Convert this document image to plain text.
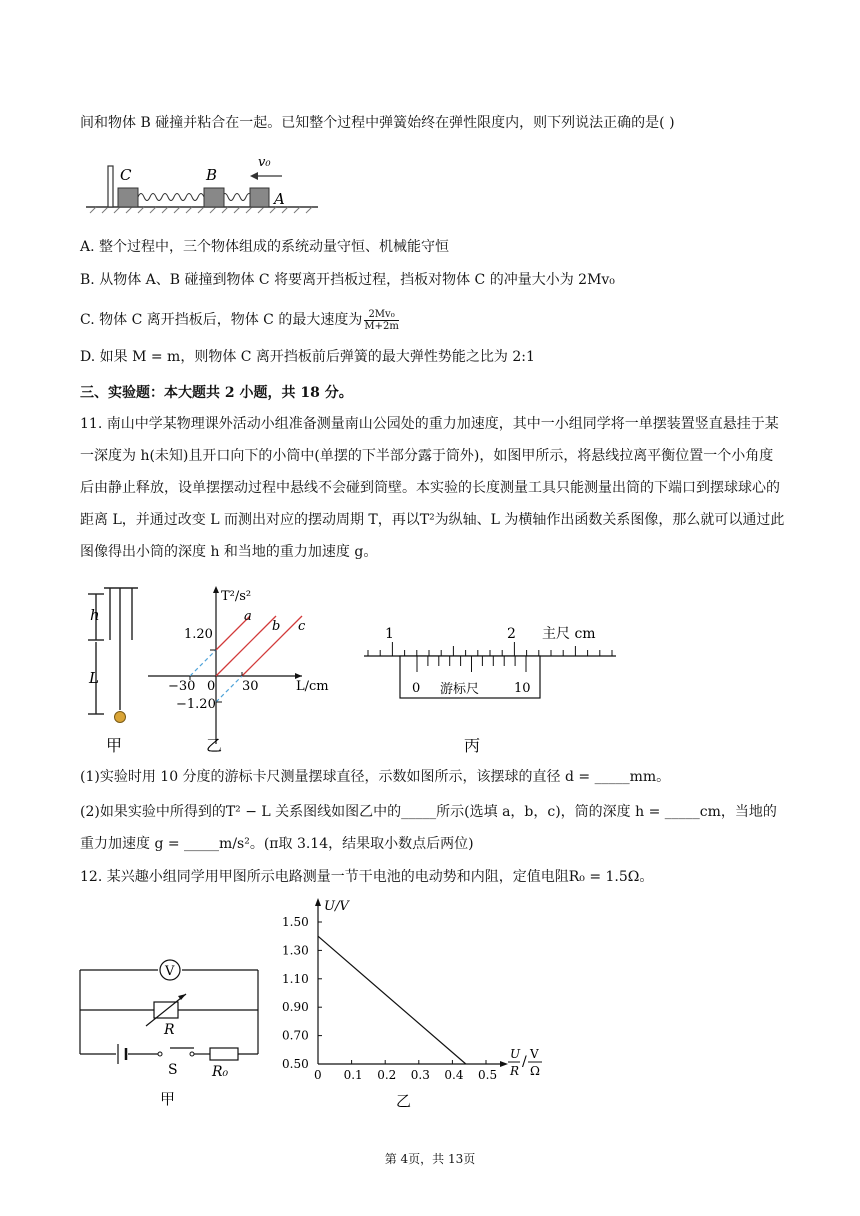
间和物体 B 碰撞并粘合在一起。已知整个过程中弹簧始终在弹性限度内，则下列说法正确的是( )

C	B
A
v₀

A. 整个过程中，三个物体组成的系统动量守恒、机械能守恒

B. 从物体 A、B 碰撞到物体 C 将要离开挡板过程，挡板对物体 C 的冲量大小为 2Mv₀

C. 物体 C 离开挡板后，物体 C 的最大速度为 $\frac{\text{2Mv₀}}{M+2m}$

D. 如果 M = m，则物体 C 离开挡板前后弹簧的最大弹性势能之比为 2:1

三、实验题：本大题共 2 小题，共 18 分。

11. 南山中学某物理课外活动小组准备测量南山公园处的重力加速度，其中一小组同学将一单摆装置竖直悬挂于某一深度为 h(未知)且开口向下的小筒中(单摆的下半部分露于筒外)，如图甲所示，将悬线拉离平衡位置一个小角度后由静止释放，设单摆摆动过程中悬线不会碰到筒壁。本实验的长度测量工具只能测量出筒的下端口到摆球球心的距离 L，并通过改变 L 而测出对应的摆动周期 T，再以T²为纵轴、L 为横轴作出函数关系图像，那么就可以通过此图像得出小筒的深度 h 和当地的重力加速度 g。

h
L
甲
T²/s²
1.20
−1.20
−30 0 30	L/cm
a
b c
乙
1	2 主尺 cm
0	10
游标尺
丙

(1)实验时用 10 分度的游标卡尺测量摆球直径，示数如图所示，该摆球的直径 d = _____mm。

(2)如果实验中所得到的T² − L 关系图线如图乙中的_____所示(选填 a，b，c)，筒的深度 h = _____cm，当地的重力加速度 g = _____m/s²。(π取 3.14，结果取小数点后两位)

12. 某兴趣小组同学用甲图所示电路测量一节干电池的电动势和内阻，定值电阻R₀ = 1.5Ω。

V
R
S R₀
甲
1.50
1.30
1.10
0.90
0.70
0.50
0 0.1 0.2 0.3 0.4 0.5
U/V
U
R
/ V
Ω
乙
第 4页，共 13页
